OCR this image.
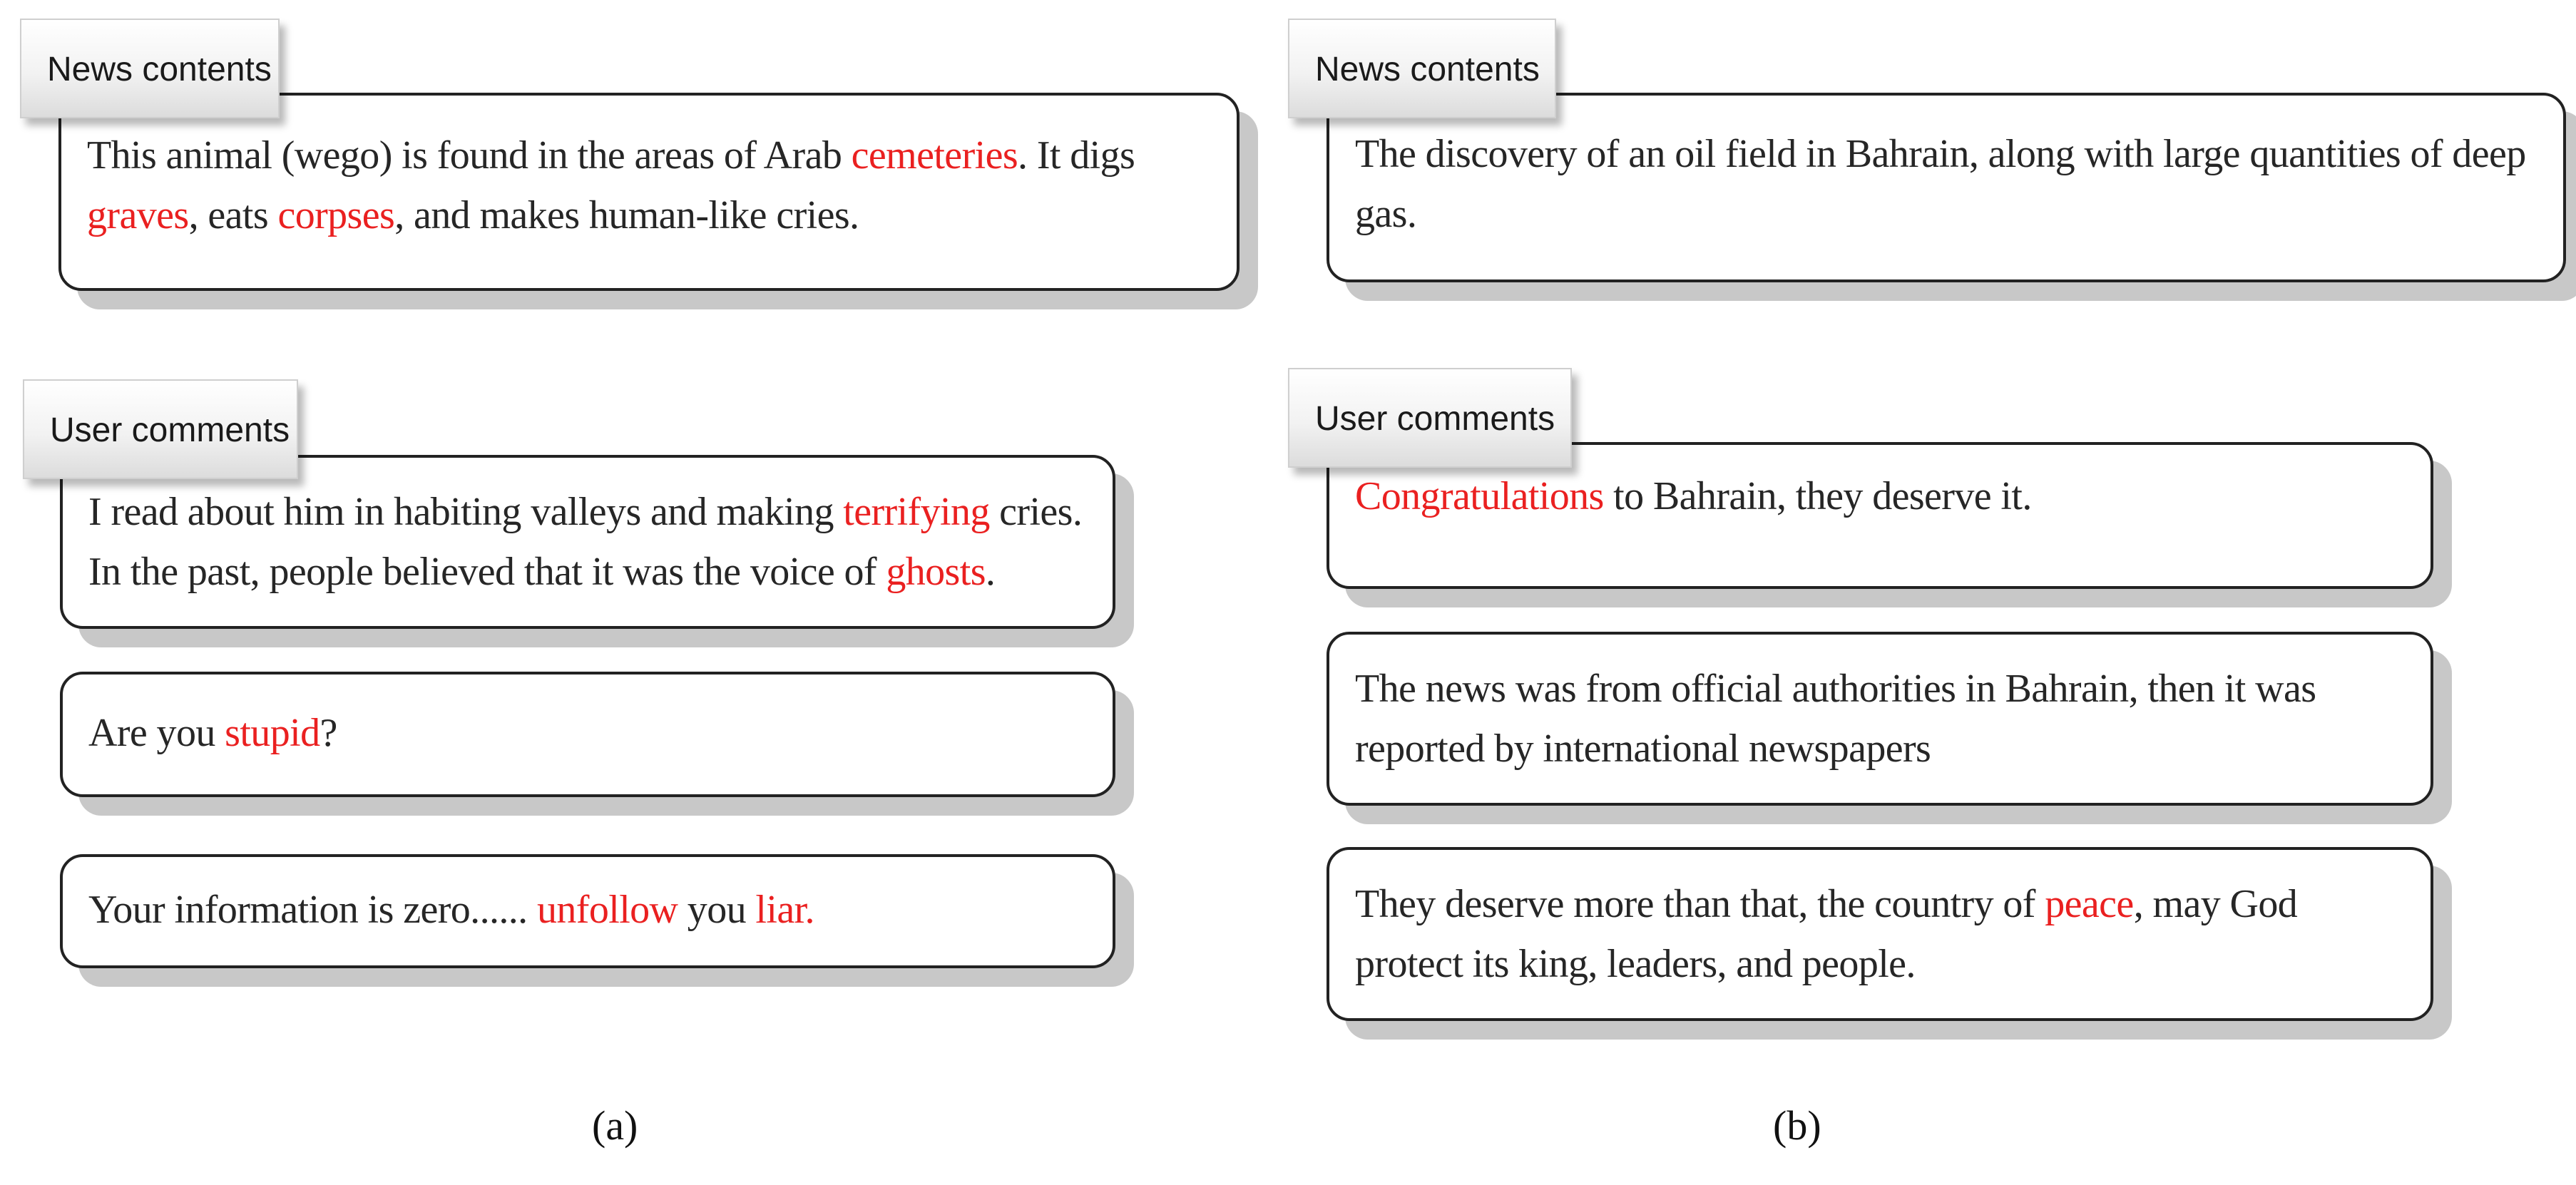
News contents
This animal (wego) is found in the areas of Arab cemeteries. It digs graves, eats corpses, and makes human-like cries.
User comments
I read about him in habiting valleys and making terrifying cries. In the past, people believed that it was the voice of ghosts.
Are you stupid?
Your information is zero...... unfollow you liar.
(a)
News contents
The discovery of an oil field in Bahrain, along with large quantities of deep gas.
User comments
Congratulations to Bahrain, they deserve it.
The news was from official authorities in Bahrain, then it was reported by international newspapers
They deserve more than that, the country of peace, may God protect its king, leaders, and people.
(b)
